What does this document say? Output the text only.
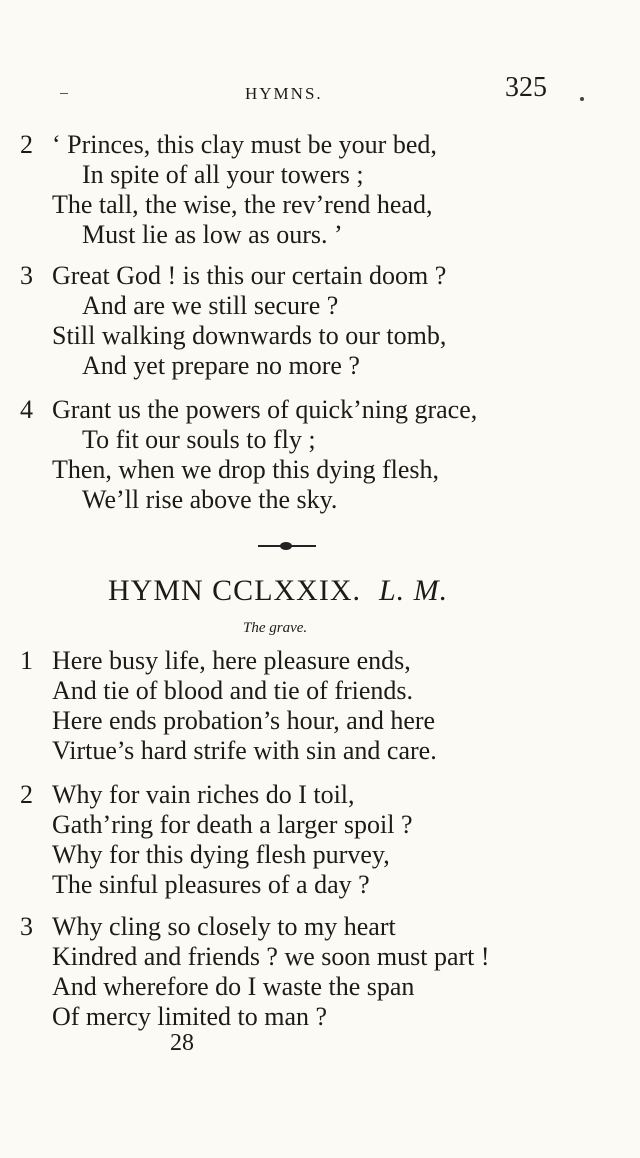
HYMNS.	325
2 ‘ Princes, this clay must be your bed,
In spite of all your towers ;
The tall, the wise, the rev’rend head,
Must lie as low as ours. ’
3 Great God ! is this our certain doom ?
And are we still secure ?
Still walking downwards to our tomb,
And yet prepare no more ?
4 Grant us the powers of quick’ning grace,
To fit our souls to fly ;
Then, when we drop this dying flesh,
We’ll rise above the sky.
HYMN CCLXXIX. L. M.
The grave.
1 Here busy life, here pleasure ends,
And tie of blood and tie of friends.
Here ends probation’s hour, and here
Virtue’s hard strife with sin and care.
2 Why for vain riches do I toil,
Gath’ring for death a larger spoil ?
Why for this dying flesh purvey,
The sinful pleasures of a day ?
3 Why cling so closely to my heart
Kindred and friends ? we soon must part !
And wherefore do I waste the span
Of mercy limited to man ?
28
